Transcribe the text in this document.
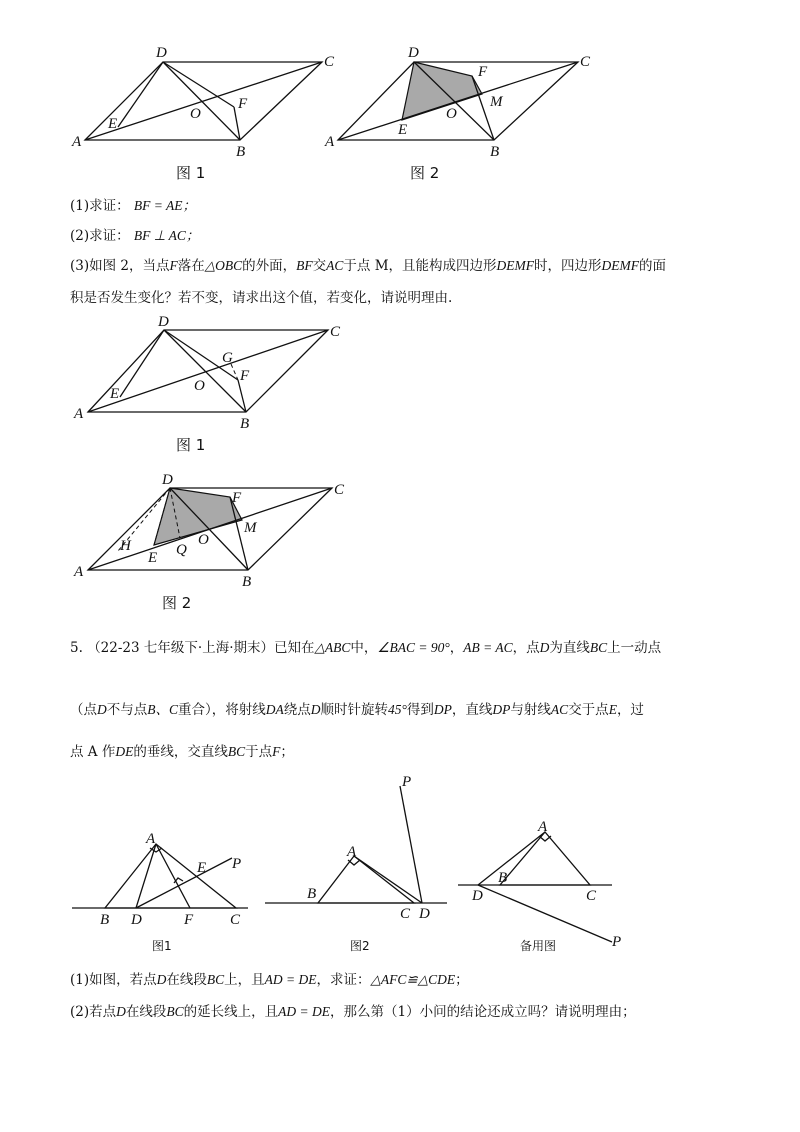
A
D
C
B
E
F
O
图 1
A
D
C
B
E
F
M
O
图 2
A
D
C
B
E
F
G
O
图 1
A
D
C
B
E
F
M
O
H	Q
图 2
A
B D	F C
E P
图1
A
B
C D
P
图2
A
B
C
D
P
备用图
(1)求证： BF = AE；
(2)求证： BF ⊥ AC；
(3)如图 2，当点F落在△OBC的外面，BF交AC于点 M，且能构成四边形DEMF时，四边形DEMF的面
积是否发生变化？若不变，请求出这个值，若变化，请说明理由.
5. （22-23 七年级下·上海·期末）已知在△ABC中，∠BAC = 90°，AB = AC，点D为直线BC上一动点
（点D不与点B、C重合），将射线DA绕点D顺时针旋转45°得到DP，直线DP与射线AC交于点E，过
点 A 作DE的垂线，交直线BC于点F；
(1)如图，若点D在线段BC上，且AD = DE，求证：△AFC≌△CDE；
(2)若点D在线段BC的延长线上，且AD = DE，那么第（1）小问的结论还成立吗？请说明理由；
